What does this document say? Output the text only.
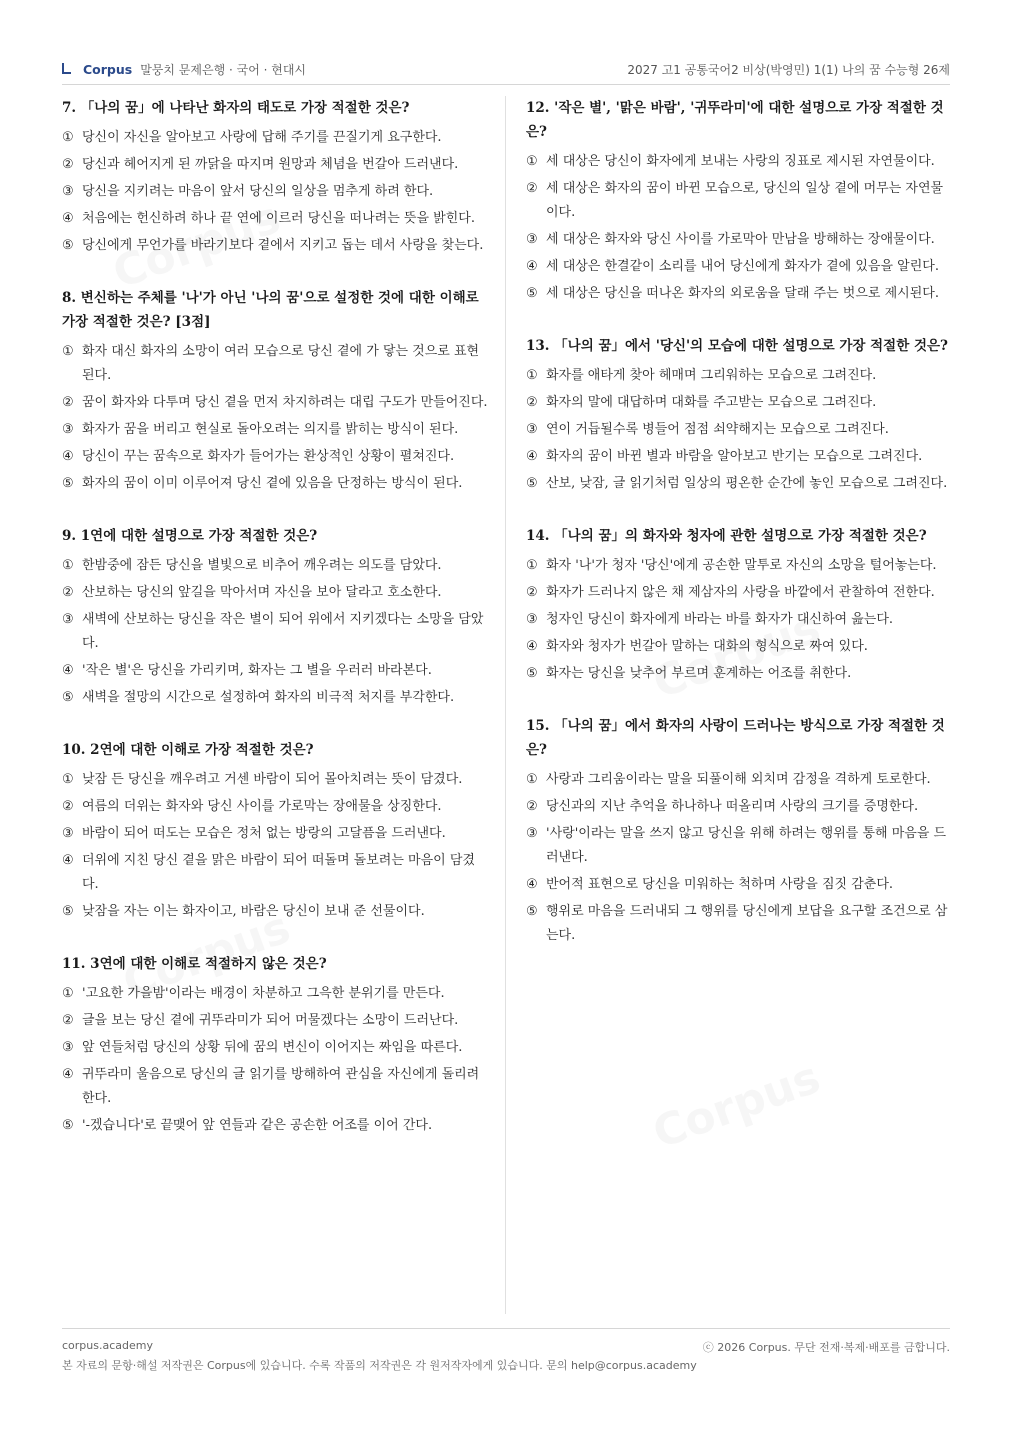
Corpus 말뭉치 문제은행 · 국어 · 현대시	2027 고1 공통국어2 비상(박영민) 1(1) 나의 꿈 수능형 26제
7. 「나의 꿈」에 나타난 화자의 태도로 가장 적절한 것은?
① 당신이 자신을 알아보고 사랑에 답해 주기를 끈질기게 요구한다.
② 당신과 헤어지게 된 까닭을 따지며 원망과 체념을 번갈아 드러낸다.
③ 당신을 지키려는 마음이 앞서 당신의 일상을 멈추게 하려 한다.
④ 처음에는 헌신하려 하나 끝 연에 이르러 당신을 떠나려는 뜻을 밝힌다.
⑤ 당신에게 무언가를 바라기보다 곁에서 지키고 돕는 데서 사랑을 찾는다.
8. 변신하는 주체를 '나'가 아닌 '나의 꿈'으로 설정한 것에 대한 이해로 가장 적절한 것은? [3점]
① 화자 대신 화자의 소망이 여러 모습으로 당신 곁에 가 닿는 것으로 표현된다.
② 꿈이 화자와 다투며 당신 곁을 먼저 차지하려는 대립 구도가 만들어진다.
③ 화자가 꿈을 버리고 현실로 돌아오려는 의지를 밝히는 방식이 된다.
④ 당신이 꾸는 꿈속으로 화자가 들어가는 환상적인 상황이 펼쳐진다.
⑤ 화자의 꿈이 이미 이루어져 당신 곁에 있음을 단정하는 방식이 된다.
9. 1연에 대한 설명으로 가장 적절한 것은?
① 한밤중에 잠든 당신을 별빛으로 비추어 깨우려는 의도를 담았다.
② 산보하는 당신의 앞길을 막아서며 자신을 보아 달라고 호소한다.
③ 새벽에 산보하는 당신을 작은 별이 되어 위에서 지키겠다는 소망을 담았다.
④ '작은 별'은 당신을 가리키며, 화자는 그 별을 우러러 바라본다.
⑤ 새벽을 절망의 시간으로 설정하여 화자의 비극적 처지를 부각한다.
10. 2연에 대한 이해로 가장 적절한 것은?
① 낮잠 든 당신을 깨우려고 거센 바람이 되어 몰아치려는 뜻이 담겼다.
② 여름의 더위는 화자와 당신 사이를 가로막는 장애물을 상징한다.
③ 바람이 되어 떠도는 모습은 정처 없는 방랑의 고달픔을 드러낸다.
④ 더위에 지친 당신 곁을 맑은 바람이 되어 떠돌며 돌보려는 마음이 담겼다.
⑤ 낮잠을 자는 이는 화자이고, 바람은 당신이 보내 준 선물이다.
11. 3연에 대한 이해로 적절하지 않은 것은?
① '고요한 가을밤'이라는 배경이 차분하고 그윽한 분위기를 만든다.
② 글을 보는 당신 곁에 귀뚜라미가 되어 머물겠다는 소망이 드러난다.
③ 앞 연들처럼 당신의 상황 뒤에 꿈의 변신이 이어지는 짜임을 따른다.
④ 귀뚜라미 울음으로 당신의 글 읽기를 방해하여 관심을 자신에게 돌리려 한다.
⑤ '-겠습니다'로 끝맺어 앞 연들과 같은 공손한 어조를 이어 간다.
12. '작은 별', '맑은 바람', '귀뚜라미'에 대한 설명으로 가장 적절한 것은?
① 세 대상은 당신이 화자에게 보내는 사랑의 징표로 제시된 자연물이다.
② 세 대상은 화자의 꿈이 바뀐 모습으로, 당신의 일상 곁에 머무는 자연물이다.
③ 세 대상은 화자와 당신 사이를 가로막아 만남을 방해하는 장애물이다.
④ 세 대상은 한결같이 소리를 내어 당신에게 화자가 곁에 있음을 알린다.
⑤ 세 대상은 당신을 떠나온 화자의 외로움을 달래 주는 벗으로 제시된다.
13. 「나의 꿈」에서 '당신'의 모습에 대한 설명으로 가장 적절한 것은?
① 화자를 애타게 찾아 헤매며 그리워하는 모습으로 그려진다.
② 화자의 말에 대답하며 대화를 주고받는 모습으로 그려진다.
③ 연이 거듭될수록 병들어 점점 쇠약해지는 모습으로 그려진다.
④ 화자의 꿈이 바뀐 별과 바람을 알아보고 반기는 모습으로 그려진다.
⑤ 산보, 낮잠, 글 읽기처럼 일상의 평온한 순간에 놓인 모습으로 그려진다.
14. 「나의 꿈」의 화자와 청자에 관한 설명으로 가장 적절한 것은?
① 화자 '나'가 청자 '당신'에게 공손한 말투로 자신의 소망을 털어놓는다.
② 화자가 드러나지 않은 채 제삼자의 사랑을 바깥에서 관찰하여 전한다.
③ 청자인 당신이 화자에게 바라는 바를 화자가 대신하여 읊는다.
④ 화자와 청자가 번갈아 말하는 대화의 형식으로 짜여 있다.
⑤ 화자는 당신을 낮추어 부르며 훈계하는 어조를 취한다.
15. 「나의 꿈」에서 화자의 사랑이 드러나는 방식으로 가장 적절한 것은?
① 사랑과 그리움이라는 말을 되풀이해 외치며 감정을 격하게 토로한다.
② 당신과의 지난 추억을 하나하나 떠올리며 사랑의 크기를 증명한다.
③ '사랑'이라는 말을 쓰지 않고 당신을 위해 하려는 행위를 통해 마음을 드러낸다.
④ 반어적 표현으로 당신을 미워하는 척하며 사랑을 짐짓 감춘다.
⑤ 행위로 마음을 드러내되 그 행위를 당신에게 보답을 요구할 조건으로 삼는다.
corpus.academy	ⓒ 2026 Corpus. 무단 전재·복제·배포를 금합니다.
본 자료의 문항·해설 저작권은 Corpus에 있습니다. 수록 작품의 저작권은 각 원저작자에게 있습니다. 문의 help@corpus.academy
